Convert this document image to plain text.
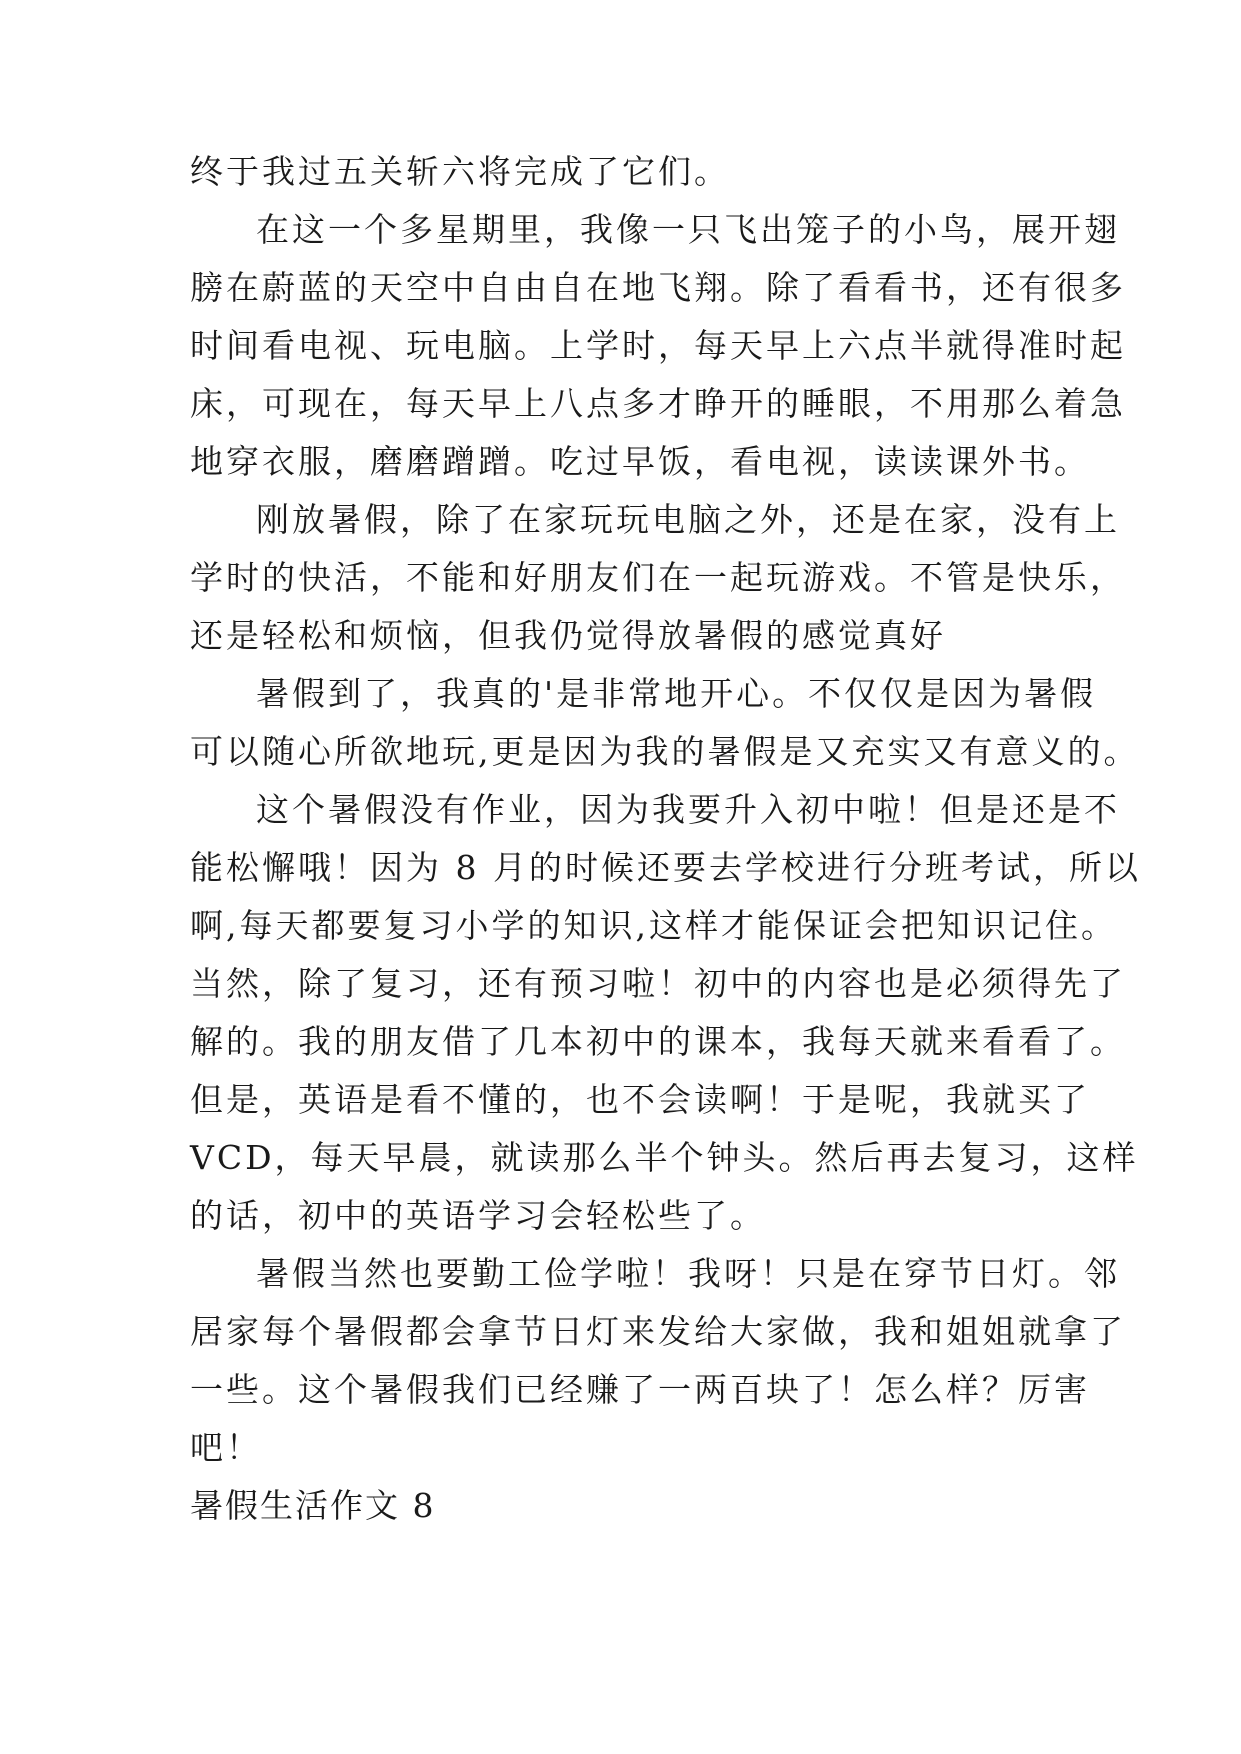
终于我过五关斩六将完成了它们。

在这一个多星期里，我像一只飞出笼子的小鸟，展开翅

膀在蔚蓝的天空中自由自在地飞翔。除了看看书，还有很多

时间看电视、玩电脑。上学时，每天早上六点半就得准时起

床，可现在，每天早上八点多才睁开的睡眼，不用那么着急

地穿衣服，磨磨蹭蹭。吃过早饭，看电视，读读课外书。

刚放暑假，除了在家玩玩电脑之外，还是在家，没有上

学时的快活，不能和好朋友们在一起玩游戏。不管是快乐，

还是轻松和烦恼，但我仍觉得放暑假的感觉真好

暑假到了，我真的'是非常地开心。不仅仅是因为暑假

可以随心所欲地玩,更是因为我的暑假是又充实又有意义的。

这个暑假没有作业，因为我要升入初中啦！但是还是不

能松懈哦！因为 8 月的时候还要去学校进行分班考试，所以

啊,每天都要复习小学的知识,这样才能保证会把知识记住。

当然，除了复习，还有预习啦！初中的内容也是必须得先了

解的。我的朋友借了几本初中的课本，我每天就来看看了。

但是，英语是看不懂的，也不会读啊！于是呢，我就买了

VCD，每天早晨，就读那么半个钟头。然后再去复习，这样

的话，初中的英语学习会轻松些了。

暑假当然也要勤工俭学啦！我呀！只是在穿节日灯。邻

居家每个暑假都会拿节日灯来发给大家做，我和姐姐就拿了

一些。这个暑假我们已经赚了一两百块了！怎么样？厉害

吧！

暑假生活作文 8
